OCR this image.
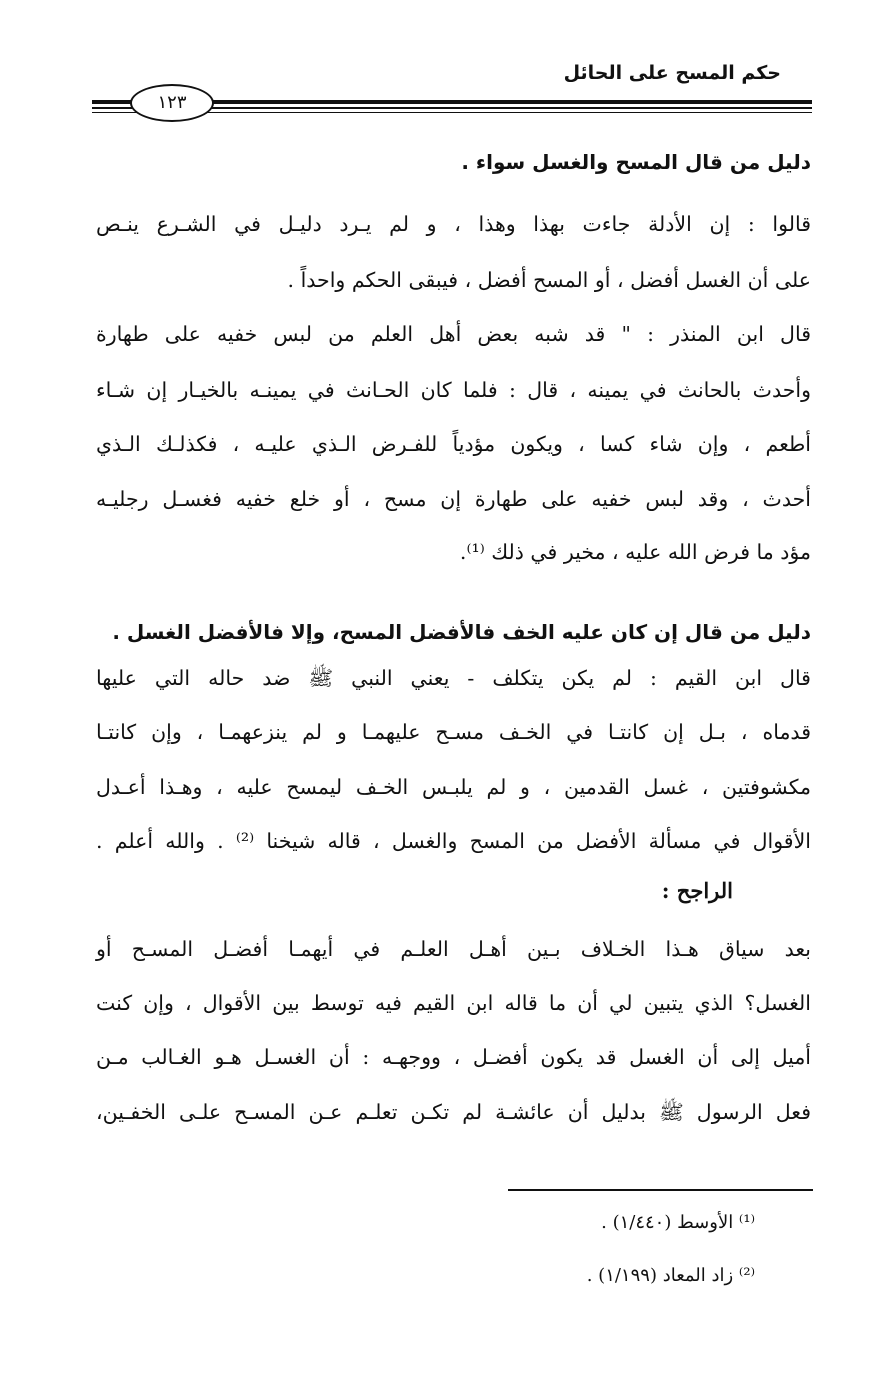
حكم المسح على الحائل
١٢٣
دليل من قال المسح والغسل سواء .
قالوا : إن الأدلة جاءت بهذا وهذا ، و لم يـرد دليـل في الشـرع ينـص
على أن الغسل أفضل ، أو المسح أفضل ، فيبقى الحكم واحداً .
قال ابن المنذر : " قد شبه بعض أهل العلم من لبس خفيه على طهارة
وأحدث بالحانث في يمينه ، قال : فلما كان الحـانث في يمينـه بالخيـار إن شـاء
أطعم ، وإن شاء كسا ، ويكون مؤدياً للفـرض الـذي عليـه ، فكذلـك الـذي
أحدث ، وقد لبس خفيه على طهارة إن مسح ، أو خلع خفيه فغسـل رجليـه
مؤد ما فرض الله عليه ، مخير في ذلك ⁽¹⁾.
دليل من قال إن كان عليه الخف فالأفضل المسح، وإلا فالأفضل الغسل .
قال ابن القيم : لم يكن يتكلف - يعني النبي ﷺ ضد حاله التي عليها
قدماه ، بـل إن كانتـا في الخـف مسـح عليهمـا و لم ينزعهمـا ، وإن كانتـا
مكشوفتين ، غسل القدمين ، و لم يلبـس الخـف ليمسح عليه ، وهـذا أعـدل
الأقوال في مسألة الأفضل من المسح والغسل ، قاله شيخنا ⁽²⁾ . والله أعلم .
الراجح :
بعد سياق هـذا الخـلاف بـين أهـل العلـم في أيهمـا أفضـل المسـح أو
الغسل؟ الذي يتبين لي أن ما قاله ابن القيم فيه توسط بين الأقوال ، وإن كنت
أميل إلى أن الغسل قد يكون أفضـل ، ووجهـه : أن الغسـل هـو الغـالب مـن
فعل الرسول ﷺ بدليل أن عائشـة لم تكـن تعلـم عـن المسـح علـى الخفـين،
⁽¹⁾ الأوسط (١/٤٤٠) .
⁽²⁾ زاد المعاد (١/١٩٩) .
